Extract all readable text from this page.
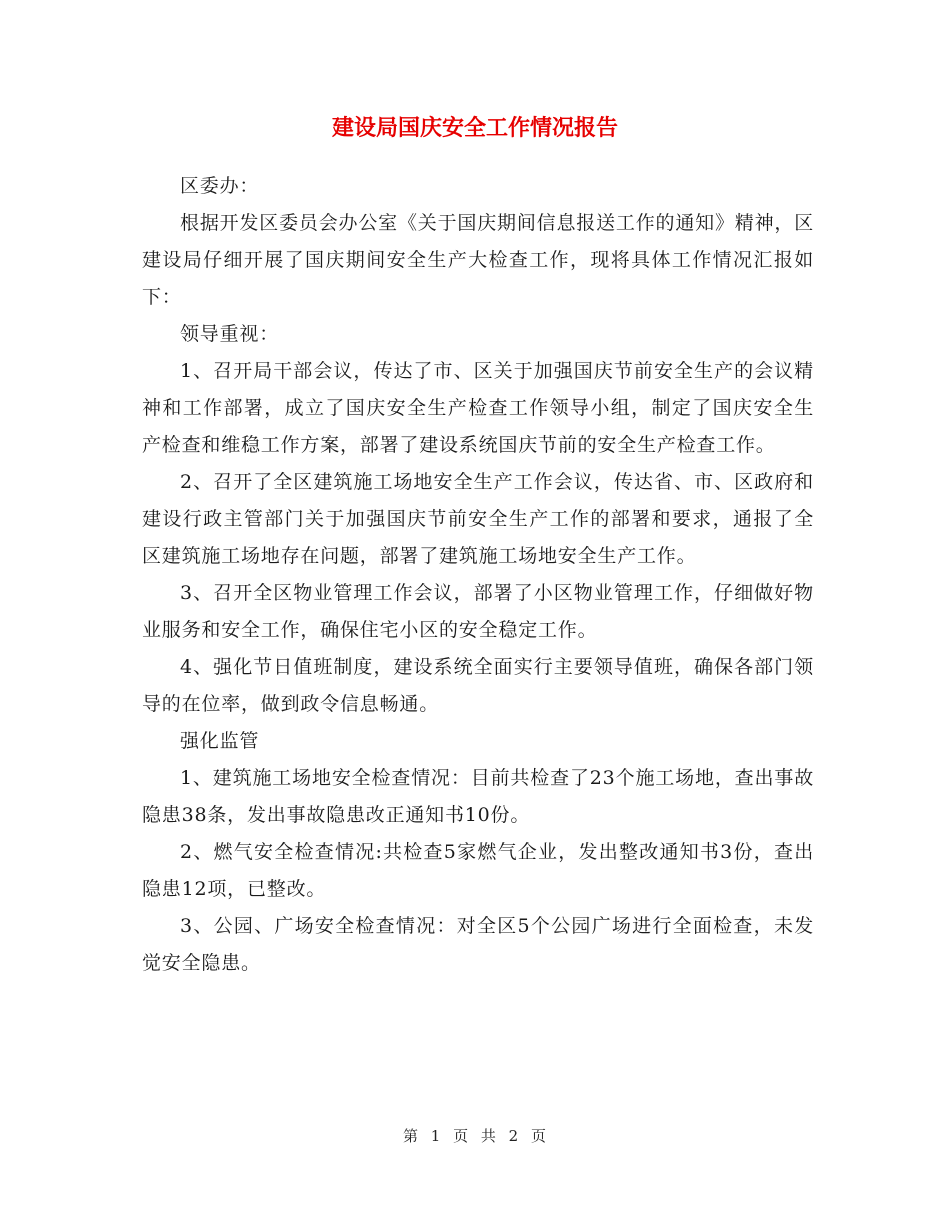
建设局国庆安全工作情况报告

区委办：

根据开发区委员会办公室《关于国庆期间信息报送工作的通知》精神，区建设局仔细开展了国庆期间安全生产大检查工作，现将具体工作情况汇报如下：

领导重视：

1、召开局干部会议，传达了市、区关于加强国庆节前安全生产的会议精神和工作部署，成立了国庆安全生产检查工作领导小组，制定了国庆安全生产检查和维稳工作方案，部署了建设系统国庆节前的安全生产检查工作。

2、召开了全区建筑施工场地安全生产工作会议，传达省、市、区政府和建设行政主管部门关于加强国庆节前安全生产工作的部署和要求，通报了全区建筑施工场地存在问题，部署了建筑施工场地安全生产工作。

3、召开全区物业管理工作会议，部署了小区物业管理工作，仔细做好物业服务和安全工作，确保住宅小区的安全稳定工作。

4、强化节日值班制度，建设系统全面实行主要领导值班，确保各部门领导的在位率，做到政令信息畅通。

强化监管

1、建筑施工场地安全检查情况：目前共检查了23个施工场地，查出事故隐患38条，发出事故隐患改正通知书10份。

2、燃气安全检查情况:共检查5家燃气企业，发出整改通知书3份，查出隐患12项，已整改。

3、公园、广场安全检查情况：对全区5个公园广场进行全面检查，未发觉安全隐患。

第 1 页 共 2 页
